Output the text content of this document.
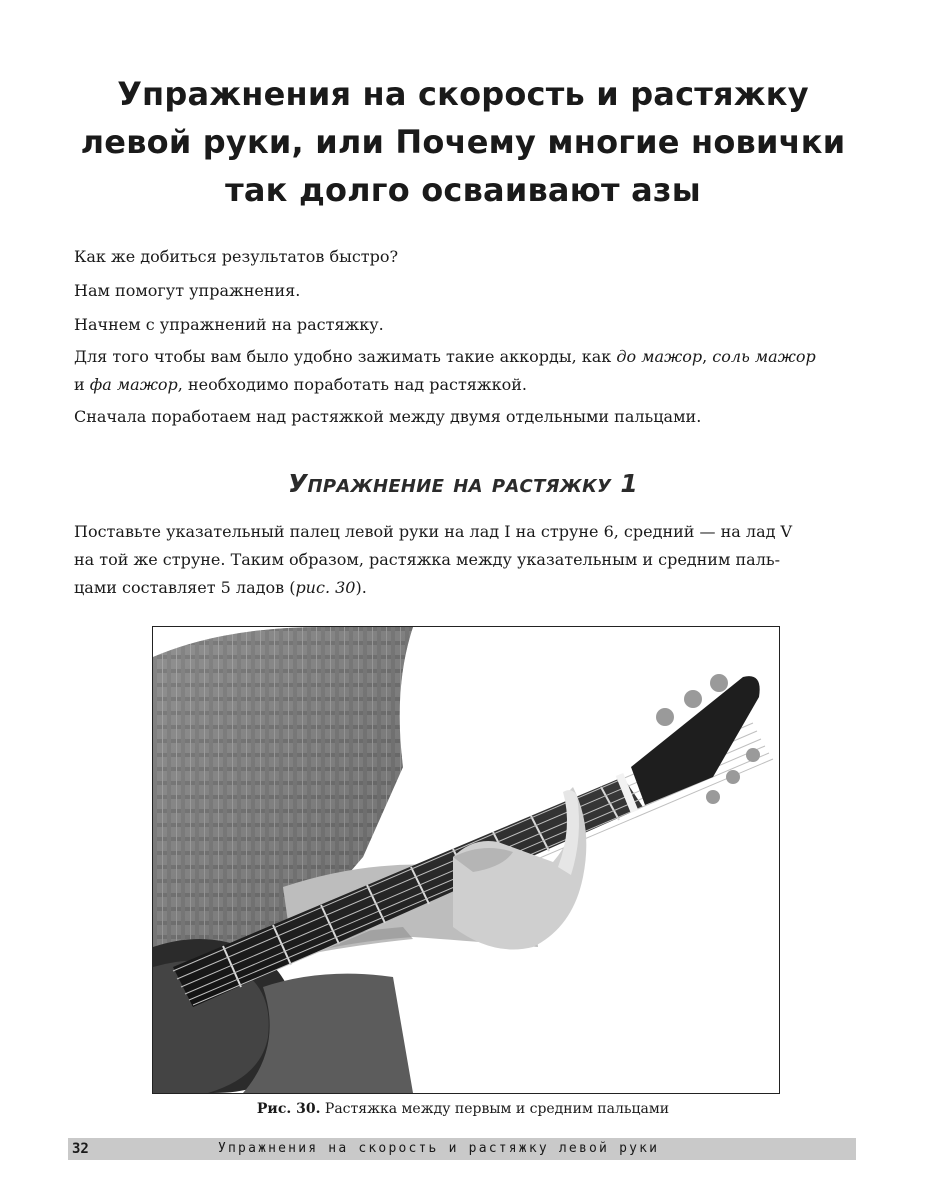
Упражнения на скорость и растяжку
левой руки, или Почему многие новички
так долго осваивают азы

Как же добиться результатов быстро?

Нам помогут упражнения.

Начнем с упражнений на растяжку.

Для того чтобы вам было удобно зажимать такие аккорды, как до мажор, соль мажор
и фа мажор, необходимо поработать над растяжкой.

Сначала поработаем над растяжкой между двумя отдельными пальцами.

Упражнение на растяжку 1

Поставьте указательный палец левой руки на лад I на струне 6, средний — на лад V
на той же струне. Таким образом, растяжка между указательным и средним паль-
цами составляет 5 ладов (рис. 30).

Рис. 30. Растяжка между первым и средним пальцами

32	Упражнения на скорость и растяжку левой руки
